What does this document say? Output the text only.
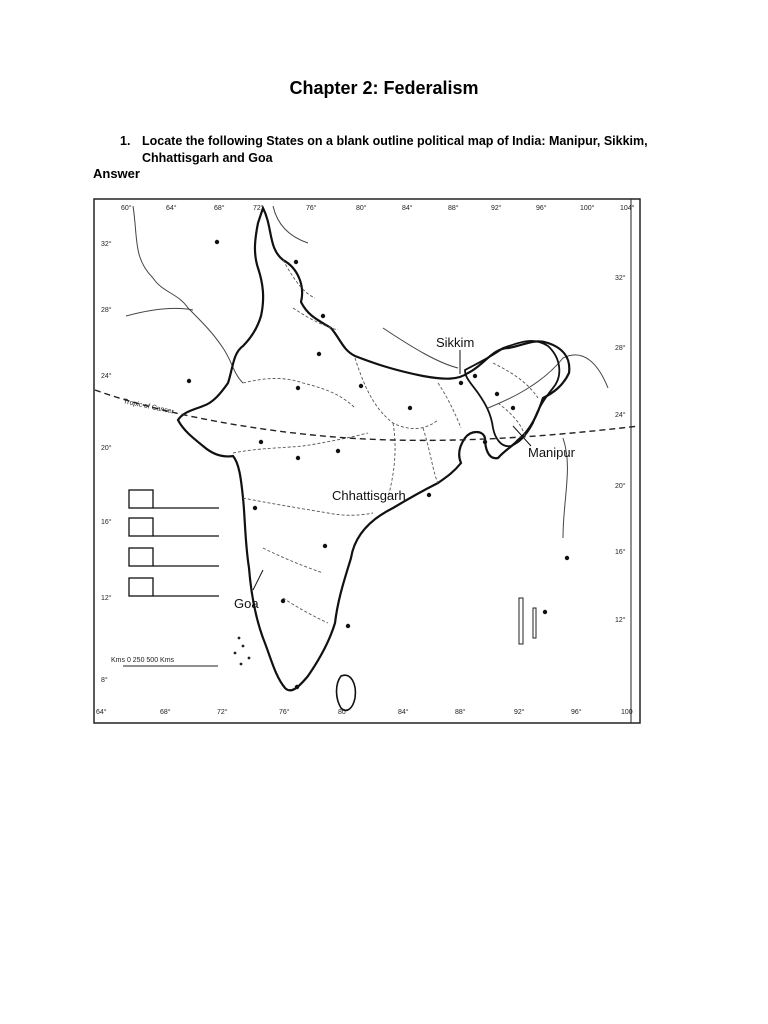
Chapter 2: Federalism
1. Locate the following States on a blank outline political map of India: Manipur, Sikkim, Chhattisgarh and Goa
Answer
60°	64°	68°	72°	76°	80°	84°	88°	92°	96°	100°	104°
64°	68°	72°	76°	80°	84°	88°	92°	96°	100
32°
28°
24°
20°
16°
12°
8°
32°
28°
24°
20°
16°
12°
Tropic of Cancer
Kms 0 250 500 Kms
Sikkim
Manipur
Chhattisgarh
Goa
